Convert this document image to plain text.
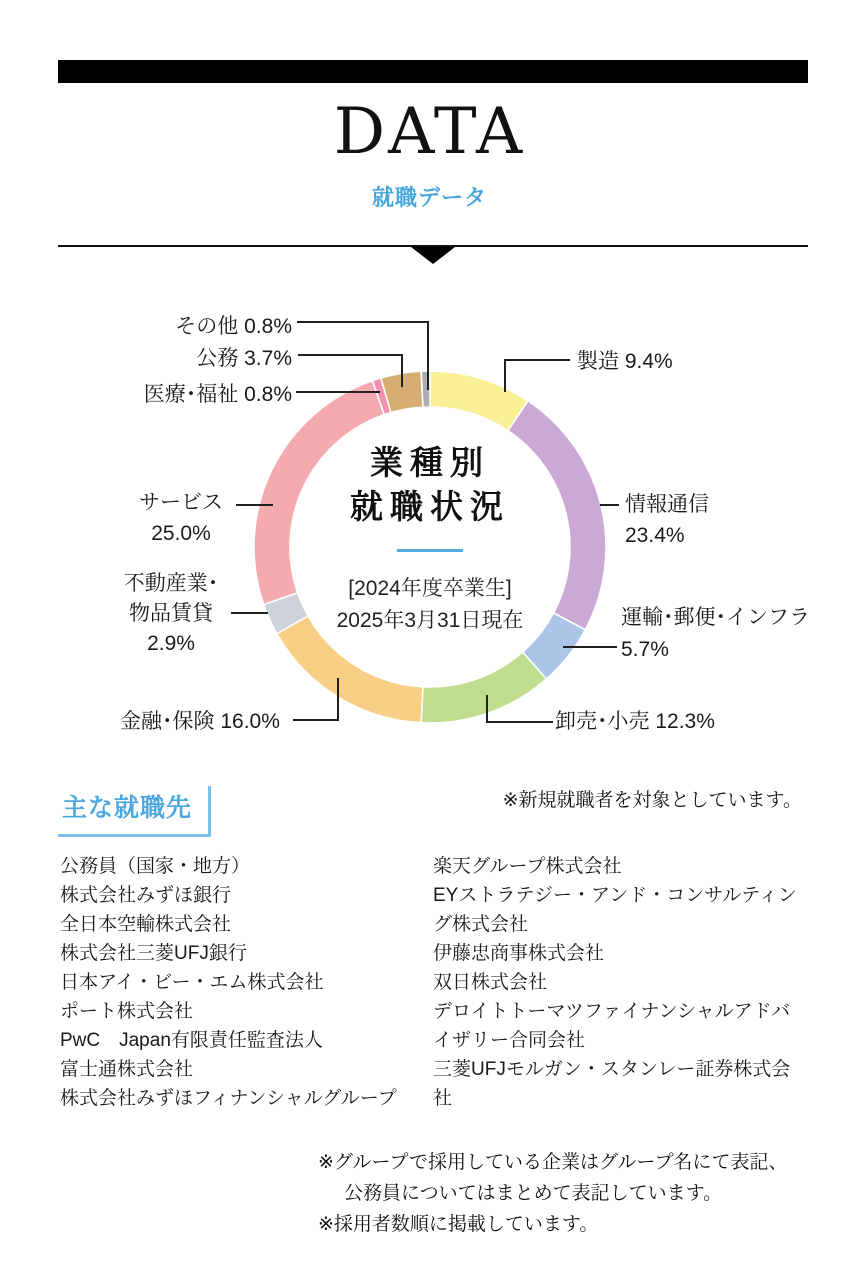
DATA
就職データ
業種別
就職状況
[2024年度卒業生]
2025年3月31日現在
その他 0.8%
公務 3.7%
医療･福祉 0.8%
サービス
25.0%
不動産業･
物品賃貸
2.9%
金融･保険 16.0%
製造 9.4%
情報通信
23.4%
運輸･郵便･インフラ
5.7%
卸売･小売 12.3%
主な就職先	※新規就職者を対象としています。
公務員（国家・地方）
株式会社みずほ銀行
全日本空輸株式会社
株式会社三菱UFJ銀行
日本アイ・ビー・エム株式会社
ポート株式会社
PwC　Japan有限責任監査法人
富士通株式会社
株式会社みずほフィナンシャルグループ
楽天グループ株式会社
EYストラテジー・アンド・コンサルティング株式会社
伊藤忠商事株式会社
双日株式会社
デロイトトーマツファイナンシャルアドバイザリー合同会社
三菱UFJモルガン・スタンレー証券株式会社
※グループで採用している企業はグループ名にて表記、
公務員についてはまとめて表記しています。
※採用者数順に掲載しています。
